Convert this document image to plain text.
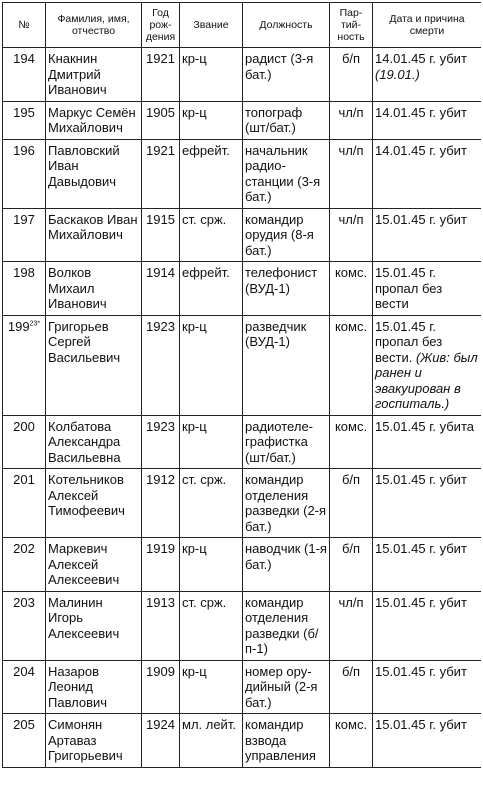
№	Фамилия, имя, отчество	Год рож-дения	Звание	Должность	Пар-тий-ность	Дата и причина смерти
194	Кнакнин Дмитрий Иванович	1921	кр-ц	радист (3-я бат.)	б/п	14.01.45 г. убит (19.01.)
195	Маркус Семён Михайлович	1905	кр-ц	топограф (шт/бат.)	чл/п	14.01.45 г. убит
196	Павловский Иван Давыдович	1921	ефрейт.	начальник радио-станции (3-я бат.)	чл/п	14.01.45 г. убит
197	Баскаков Иван Михайлович	1915	ст. срж.	командир орудия (8-я бат.)	чл/п	15.01.45 г. убит
198	Волков Михаил Иванович	1914	ефрейт.	телефонист (ВУД-1)	комс.	15.01.45 г. пропал без вести
$199^{23*}$	Григорьев Сергей Васильевич	1923	кр-ц	разведчик (ВУД-1)	комс.	15.01.45 г. пропал без вести. (Жив: был ранен и эвакуирован в госпиталь.)
200	Колбатова Александра Васильевна	1923	кр-ц	радиотеле-графистка (шт/бат.)	комс.	15.01.45 г. убита
201	Котельников Алексей Тимофеевич	1912	ст. срж.	командир отделения разведки (2-я бат.)	б/п	15.01.45 г. убит
202	Маркевич Алексей Алексеевич	1919	кр-ц	наводчик (1-я бат.)	б/п	15.01.45 г. убит
203	Малинин Игорь Алексеевич	1913	ст. срж.	командир отделения разведки (б/п-1)	чл/п	15.01.45 г. убит
204	Назаров Леонид Павлович	1909	кр-ц	номер ору-дийный (2-я бат.)	б/п	15.01.45 г. убит
205	Симонян Артаваз Григорьевич	1924	мл. лейт.	командир взвода управления	комс.	15.01.45 г. убит
